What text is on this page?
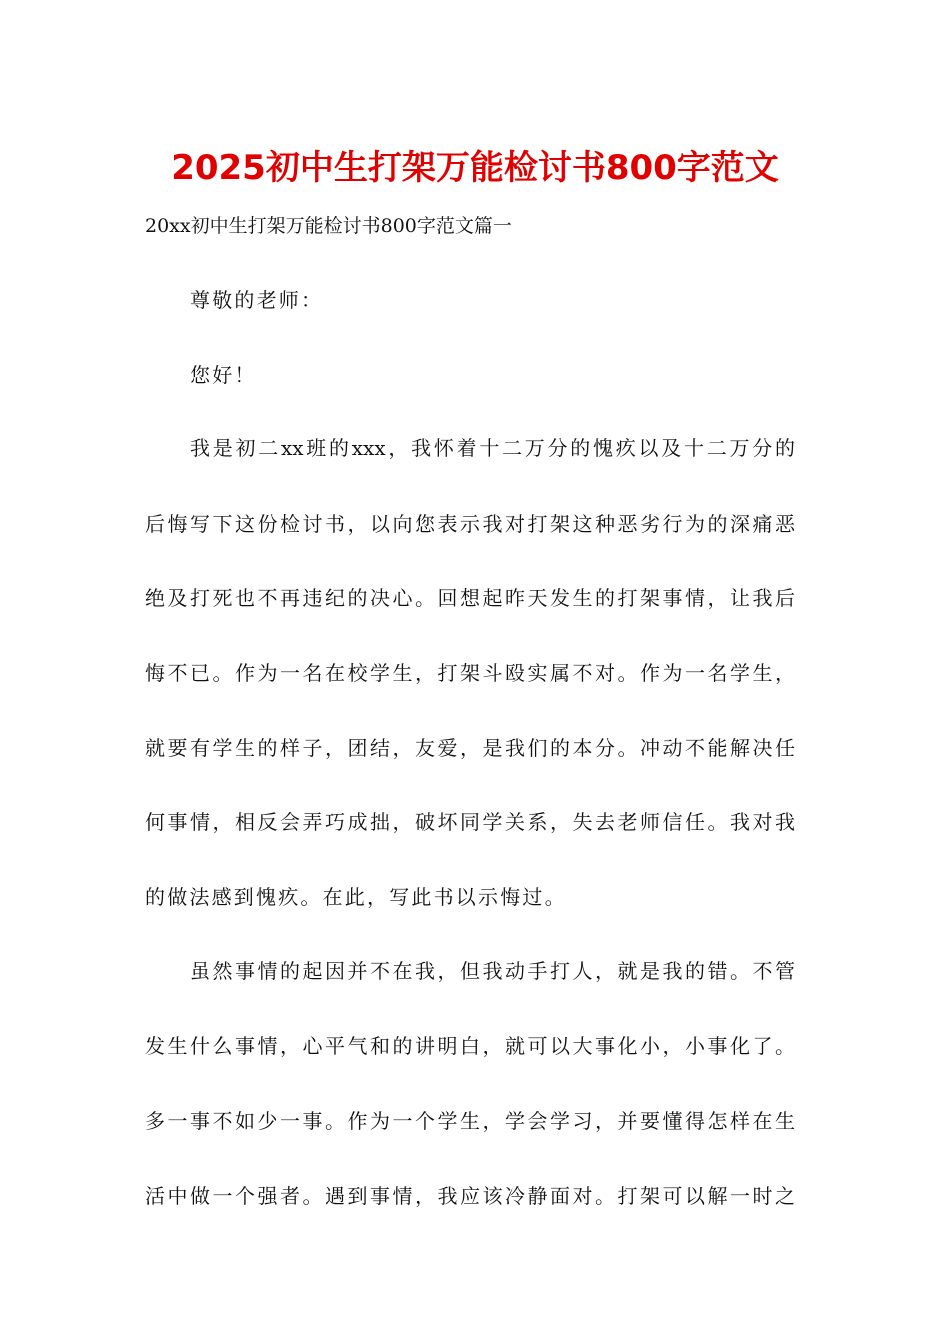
2025初中生打架万能检讨书800字范文
20xx初中生打架万能检讨书800字范文篇一
尊敬的老师：
您好！
我是初二xx班的xxx，我怀着十二万分的愧疚以及十二万分的
后悔写下这份检讨书，以向您表示我对打架这种恶劣行为的深痛恶
绝及打死也不再违纪的决心。回想起昨天发生的打架事情，让我后
悔不已。作为一名在校学生，打架斗殴实属不对。作为一名学生，
就要有学生的样子，团结，友爱，是我们的本分。冲动不能解决任
何事情，相反会弄巧成拙，破坏同学关系，失去老师信任。我对我
的做法感到愧疚。在此，写此书以示悔过。
虽然事情的起因并不在我，但我动手打人，就是我的错。不管
发生什么事情，心平气和的讲明白，就可以大事化小，小事化了。
多一事不如少一事。作为一个学生，学会学习，并要懂得怎样在生
活中做一个强者。遇到事情，我应该冷静面对。打架可以解一时之
